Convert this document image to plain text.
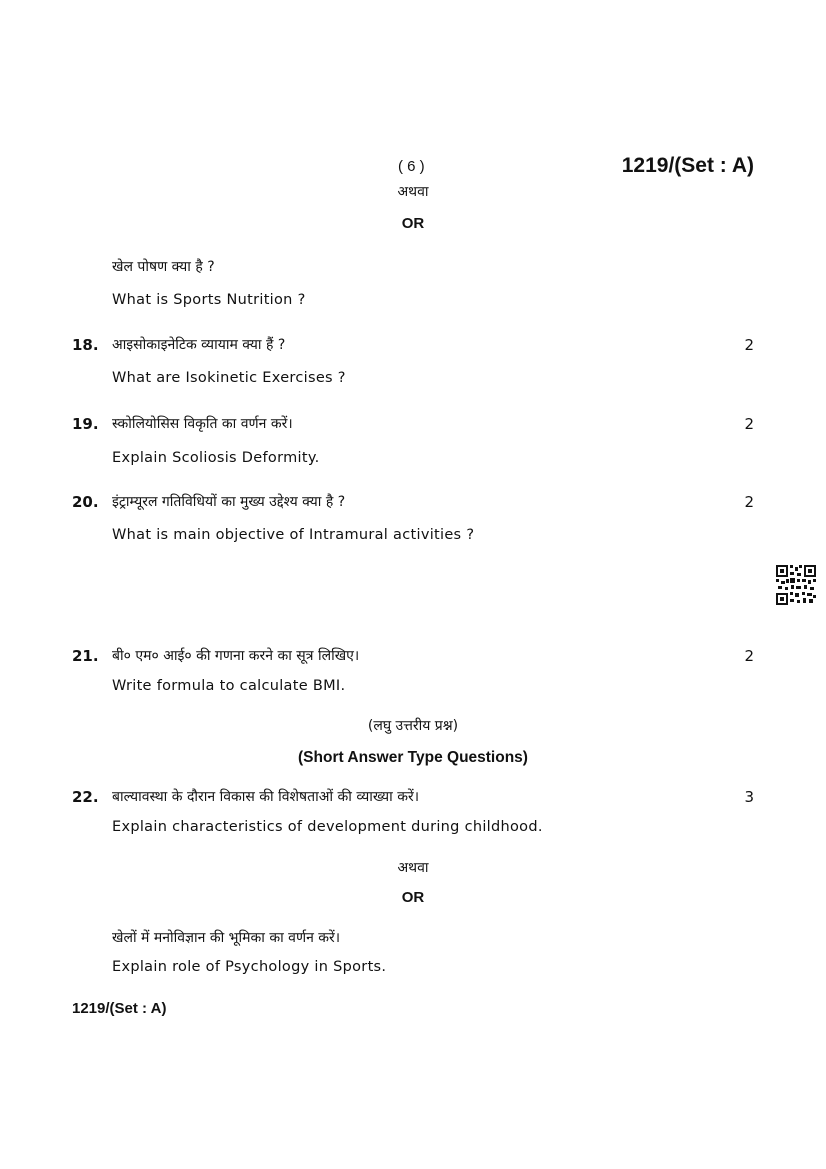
( 6 )	1219/(Set : A)
अथवा
OR
खेल पोषण क्या है ?
What is Sports Nutrition ?
18. आइसोकाइनेटिक व्यायाम क्या हैं ?	2
What are Isokinetic Exercises ?
19. स्कोलियोसिस विकृति का वर्णन करें।	2
Explain Scoliosis Deformity.
20. इंट्राम्यूरल गतिविधियों का मुख्य उद्देश्य क्या है ?	2
What is main objective of Intramural activities ?
21. बी० एम० आई० की गणना करने का सूत्र लिखिए।	2
Write formula to calculate BMI.
(लघु उत्तरीय प्रश्न)
(Short Answer Type Questions)
22. बाल्यावस्था के दौरान विकास की विशेषताओं की व्याख्या करें।	3
Explain characteristics of development during childhood.
अथवा
OR
खेलों में मनोविज्ञान की भूमिका का वर्णन करें।
Explain role of Psychology in Sports.
1219/(Set : A)
